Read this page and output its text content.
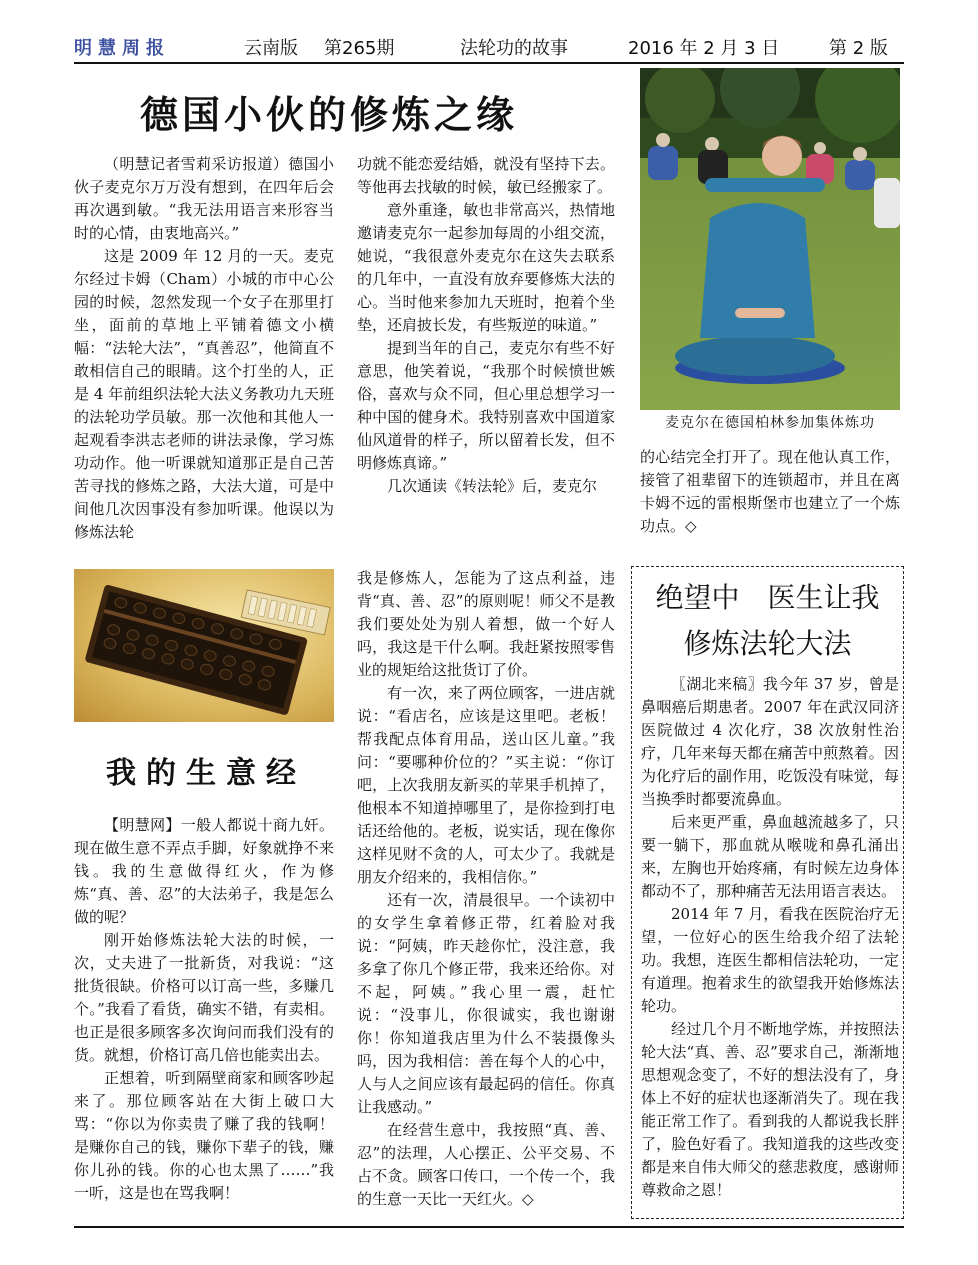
明慧周报	云南版 第265期	法轮功的故事	2016 年 2 月 3 日	第 2 版
德国小伙的修炼之缘

（明慧记者雪莉采访报道）德国小伙子麦克尔万万没有想到，在四年后会再次遇到敏。“我无法用语言来形容当时的心情，由衷地高兴。”

这是 2009 年 12 月的一天。麦克尔经过卡姆（Cham）小城的市中心公园的时候，忽然发现一个女子在那里打坐，面前的草地上平铺着德文小横幅：“法轮大法”，“真善忍”，他简直不敢相信自己的眼睛。这个打坐的人，正是 4 年前组织法轮大法义务教功九天班的法轮功学员敏。那一次他和其他人一起观看李洪志老师的讲法录像，学习炼功动作。他一听课就知道那正是自己苦苦寻找的修炼之路，大法大道，可是中间他几次因事没有参加听课。他误以为修炼法轮

功就不能恋爱结婚，就没有坚持下去。等他再去找敏的时候，敏已经搬家了。

意外重逢，敏也非常高兴，热情地邀请麦克尔一起参加每周的小组交流，她说，“我很意外麦克尔在这失去联系的几年中，一直没有放弃要修炼大法的心。当时他来参加九天班时，抱着个坐垫，还肩披长发，有些叛逆的味道。”

提到当年的自己，麦克尔有些不好意思，他笑着说，“我那个时候愤世嫉俗，喜欢与众不同，但心里总想学习一种中国的健身术。我特别喜欢中国道家仙风道骨的样子，所以留着长发，但不明修炼真谛。”

几次通读《转法轮》后，麦克尔

麦克尔在德国柏林参加集体炼功

的心结完全打开了。现在他认真工作，接管了祖辈留下的连锁超市，并且在离卡姆不远的雷根斯堡市也建立了一个炼功点。◇

我的生意经

【明慧网】一般人都说十商九奸。现在做生意不弄点手脚，好象就挣不来钱。我的生意做得红火，作为修炼“真、善、忍”的大法弟子，我是怎么做的呢？

刚开始修炼法轮大法的时候，一次，丈夫进了一批新货，对我说：“这批货很缺。价格可以订高一些，多赚几个。”我看了看货，确实不错，有卖相。也正是很多顾客多次询问而我们没有的货。就想，价格订高几倍也能卖出去。

正想着，听到隔壁商家和顾客吵起来了。那位顾客站在大街上破口大骂：“你以为你卖贵了赚了我的钱啊！是赚你自己的钱，赚你下辈子的钱，赚你儿孙的钱。你的心也太黑了……”我一听，这是也在骂我啊！

我是修炼人，怎能为了这点利益，违背“真、善、忍”的原则呢！师父不是教我们要处处为别人着想，做一个好人吗，我这是干什么啊。我赶紧按照零售业的规矩给这批货订了价。

有一次，来了两位顾客，一进店就说：“看店名，应该是这里吧。老板！帮我配点体育用品，送山区儿童。”我问：“要哪种价位的？”买主说：“你订吧，上次我朋友新买的苹果手机掉了，他根本不知道掉哪里了，是你捡到打电话还给他的。老板，说实话，现在像你这样见财不贪的人，可太少了。我就是朋友介绍来的，我相信你。”

还有一次，清晨很早。一个读初中的女学生拿着修正带，红着脸对我说：“阿姨，昨天趁你忙，没注意，我多拿了你几个修正带，我来还给你。对不起，阿姨。”我心里一震，赶忙说：“没事儿，你很诚实，我也谢谢你！你知道我店里为什么不装摄像头吗，因为我相信：善在每个人的心中，人与人之间应该有最起码的信任。你真让我感动。”

在经营生意中，我按照“真、善、忍”的法理，人心摆正、公平交易、不占不贪。顾客口传口，一个传一个，我的生意一天比一天红火。◇

绝望中　医生让我
修炼法轮大法

〖湖北来稿〗我今年 37 岁，曾是鼻咽癌后期患者。2007 年在武汉同济医院做过 4 次化疗，38 次放射性治疗，几年来每天都在痛苦中煎熬着。因为化疗后的副作用，吃饭没有味觉，每当换季时都要流鼻血。

后来更严重，鼻血越流越多了，只要一躺下，那血就从喉咙和鼻孔涌出来，左胸也开始疼痛，有时候左边身体都动不了，那种痛苦无法用语言表达。

2014 年 7 月，看我在医院治疗无望，一位好心的医生给我介绍了法轮功。我想，连医生都相信法轮功，一定有道理。抱着求生的欲望我开始修炼法轮功。

经过几个月不断地学炼，并按照法轮大法“真、善、忍”要求自己，渐渐地思想观念变了，不好的想法没有了，身体上不好的症状也逐渐消失了。现在我能正常工作了。看到我的人都说我长胖了，脸色好看了。我知道我的这些改变都是来自伟大师父的慈悲救度，感谢师尊救命之恩！
